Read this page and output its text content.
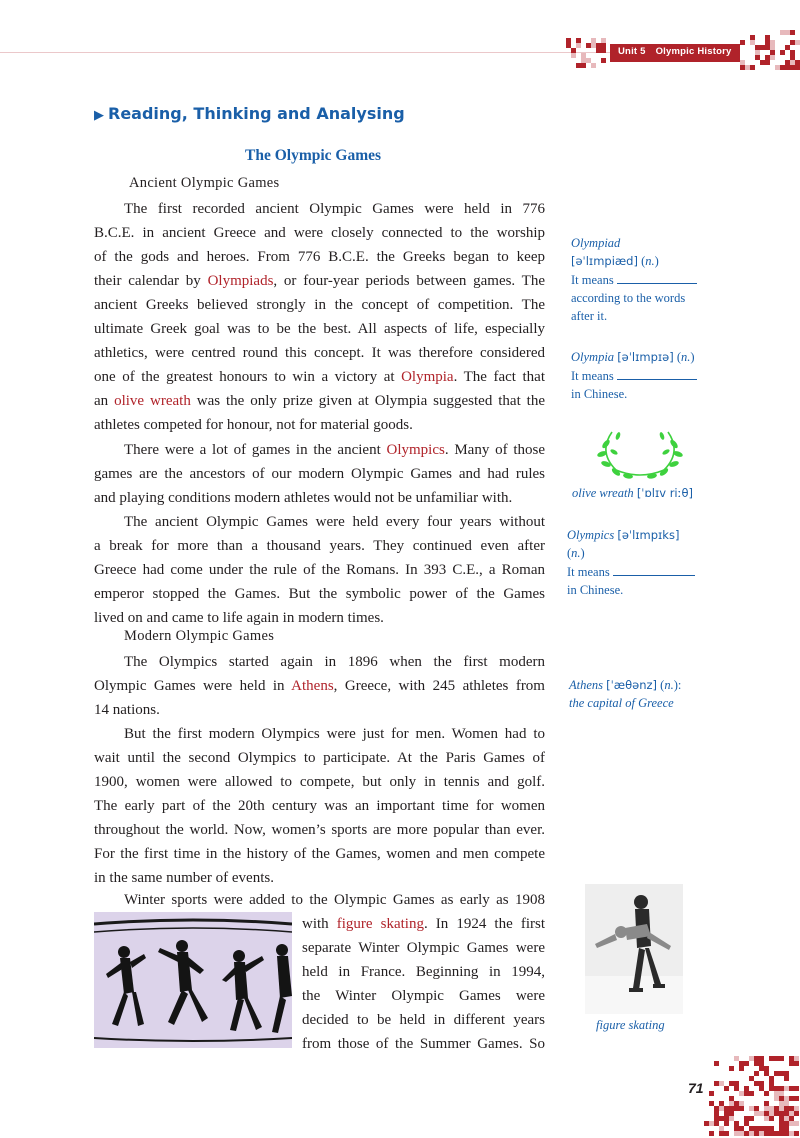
Unit 5 Olympic History
▶ Reading, Thinking and Analysing
The Olympic Games
Ancient Olympic Games
The first recorded ancient Olympic Games were held in 776
B.C.E. in ancient Greece and were closely connected to the worship
of the gods and heroes. From 776 B.C.E. the Greeks began to keep
their calendar by Olympiads, or four-year periods between games. The
ancient Greeks believed strongly in the concept of competition. The
ultimate Greek goal was to be the best. All aspects of life, especially
athletics, were centred round this concept. It was therefore considered
one of the greatest honours to win a victory at Olympia. The fact that
an olive wreath was the only prize given at Olympia suggested that the
athletes competed for honour, not for material goods.
There were a lot of games in the ancient Olympics. Many of those
games are the ancestors of our modern Olympic Games and had rules
and playing conditions modern athletes would not be unfamiliar with.
The ancient Olympic Games were held every four years without
a break for more than a thousand years. They continued even after
Greece had come under the rule of the Romans. In 393 C.E., a Roman
emperor stopped the Games. But the symbolic power of the Games
lived on and came to life again in modern times.
Modern Olympic Games
The Olympics started again in 1896 when the first modern
Olympic Games were held in Athens, Greece, with 245 athletes from
14 nations.
But the first modern Olympics were just for men. Women had to
wait until the second Olympics to participate. At the Paris Games of
1900, women were allowed to compete, but only in tennis and golf.
The early part of the 20th century was an important time for women
throughout the world. Now, women’s sports are more popular than ever.
For the first time in the history of the Games, women and men compete
in the same number of events.
Winter sports were added to the Olympic Games as early as 1908
with figure skating. In 1924 the first
separate Winter Olympic Games were
held in France. Beginning in 1994,
the Winter Olympic Games were
decided to be held in different years
from those of the Summer Games. So
Olympiad
[əˈlɪmpiæd] (n.)
It means
according to the words
after it.
Olympia [əˈlɪmpɪə] (n.)
It means
in Chinese.
olive wreath [ˈɒlɪv riːθ]
Olympics [əˈlɪmpɪks]
(n.)
It means
in Chinese.
Athens [ˈæθənz] (n.):
the capital of Greece
figure skating
71
